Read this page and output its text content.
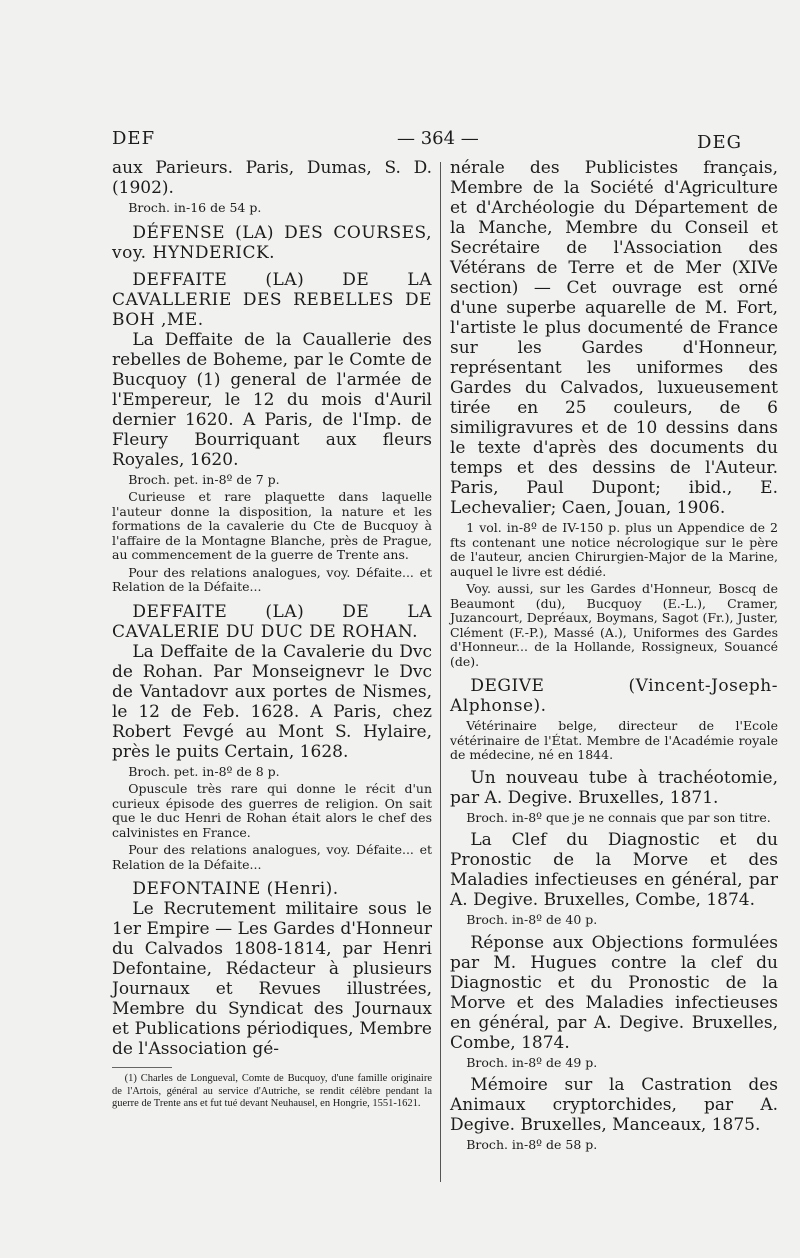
DEF	— 364 —	DEG

aux Parieurs. Paris, Dumas, S. D. (1902).

Broch. in-16 de 54 p.

DÉFENSE (LA) DES COURSES, voy. HYNDERICK.

DEFFAITE (LA) DE LA CAVALLERIE DES REBELLES DE BOH ,ME.

La Deffaite de la Cauallerie des rebelles de Boheme, par le Comte de Bucquoy (1) general de l'armée de l'Empereur, le 12 du mois d'Auril dernier 1620. A Paris, de l'Imp. de Fleury Bourriquant aux fleurs Royales, 1620.

Broch. pet. in-8º de 7 p.

Curieuse et rare plaquette dans laquelle l'auteur donne la disposition, la nature et les formations de la cavalerie du Cte de Bucquoy à l'affaire de la Montagne Blanche, près de Prague, au commencement de la guerre de Trente ans.

Pour des relations analogues, voy. Défaite... et Relation de la Défaite...

DEFFAITE (LA) DE LA CAVALERIE DU DUC DE ROHAN.

La Deffaite de la Cavalerie du Dvc de Rohan. Par Monseignevr le Dvc de Vantadovr aux portes de Nismes, le 12 de Feb. 1628. A Paris, chez Robert Fevgé au Mont S. Hylaire, près le puits Certain, 1628.

Broch. pet. in-8º de 8 p.

Opuscule très rare qui donne le récit d'un curieux épisode des guerres de religion. On sait que le duc Henri de Rohan était alors le chef des calvinistes en France.

Pour des relations analogues, voy. Défaite... et Relation de la Défaite...

DEFONTAINE (Henri).

Le Recrutement militaire sous le 1er Empire — Les Gardes d'Honneur du Calvados 1808-1814, par Henri Defontaine, Rédacteur à plusieurs Journaux et Revues illustrées, Membre du Syndicat des Journaux et Publications périodiques, Membre de l'Association gé-

(1) Charles de Longueval, Comte de Bucquoy, d'une famille originaire de l'Artois, général au service d'Autriche, se rendit célèbre pendant la guerre de Trente ans et fut tué devant Neuhausel, en Hongrie, 1551-1621.

nérale des Publicistes français, Membre de la Société d'Agriculture et d'Archéologie du Département de la Manche, Membre du Conseil et Secrétaire de l'Association des Vétérans de Terre et de Mer (XIVe section) — Cet ouvrage est orné d'une superbe aquarelle de M. Fort, l'artiste le plus documenté de France sur les Gardes d'Honneur, représentant les uniformes des Gardes du Calvados, luxueusement tirée en 25 couleurs, de 6 similigravures et de 10 dessins dans le texte d'après des documents du temps et des dessins de l'Auteur. Paris, Paul Dupont; ibid., E. Lechevalier; Caen, Jouan, 1906.

1 vol. in-8º de IV-150 p. plus un Appendice de 2 fts contenant une notice nécrologique sur le père de l'auteur, ancien Chirurgien-Major de la Marine, auquel le livre est dédié.

Voy. aussi, sur les Gardes d'Honneur, Boscq de Beaumont (du), Bucquoy (E.-L.), Cramer, Juzancourt, Depréaux, Boymans, Sagot (Fr.), Juster, Clément (F.-P.), Massé (A.), Uniformes des Gardes d'Honneur... de la Hollande, Rossigneux, Souancé (de).

DEGIVE (Vincent-Joseph-Alphonse).

Vétérinaire belge, directeur de l'Ecole vétérinaire de l'État. Membre de l'Académie royale de médecine, né en 1844.

Un nouveau tube à trachéotomie, par A. Degive. Bruxelles, 1871.

Broch. in-8º que je ne connais que par son titre.

La Clef du Diagnostic et du Pronostic de la Morve et des Maladies infectieuses en général, par A. Degive. Bruxelles, Combe, 1874.

Broch. in-8º de 40 p.

Réponse aux Objections formulées par M. Hugues contre la clef du Diagnostic et du Pronostic de la Morve et des Maladies infectieuses en général, par A. Degive. Bruxelles, Combe, 1874.

Broch. in-8º de 49 p.

Mémoire sur la Castration des Animaux cryptorchides, par A. Degive. Bruxelles, Manceaux, 1875.

Broch. in-8º de 58 p.
